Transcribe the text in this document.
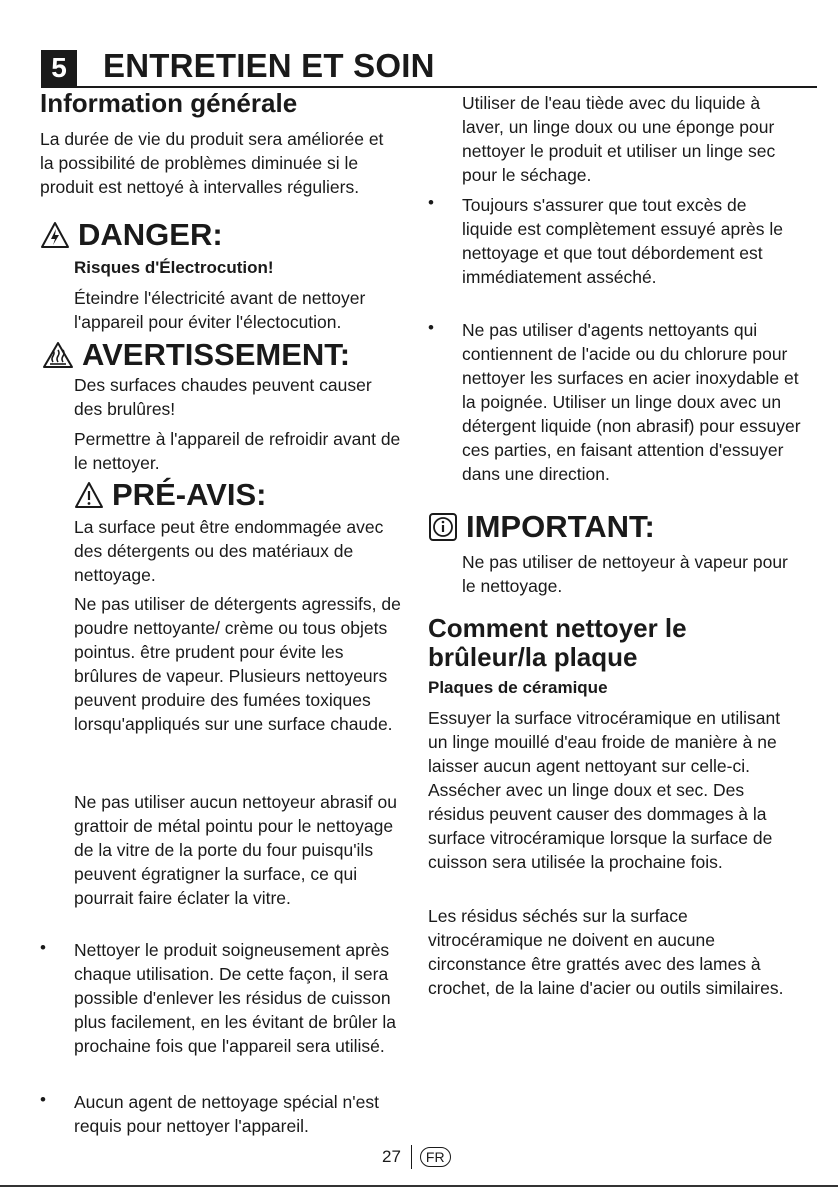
5	ENTRETIEN ET SOIN
Information générale

La durée de vie du produit sera améliorée et la possibilité de problèmes diminuée si le produit est nettoyé à intervalles réguliers.

DANGER:

Risques d'Électrocution!

Éteindre l'électricité avant de nettoyer l'appareil pour éviter l'électocution.

AVERTISSEMENT:

Des surfaces chaudes peuvent causer des brulûres!

Permettre à l'appareil de refroidir avant de le nettoyer.

PRÉ-AVIS:

La surface peut être endommagée avec des détergents ou des matériaux de nettoyage.

Ne pas utiliser de détergents agressifs, de poudre nettoyante/ crème ou tous objets pointus. être prudent pour évite les brûlures de vapeur. Plusieurs nettoyeurs peuvent produire des fumées toxiques lorsqu'appliqués sur une surface chaude.

Ne pas utiliser aucun nettoyeur abrasif ou grattoir de métal pointu pour le nettoyage de la vitre de la porte du four puisqu'ils peuvent égratigner la surface, ce qui pourrait faire éclater la vitre.

•

Nettoyer le produit soigneusement après chaque utilisation. De cette façon, il sera possible d'enlever les résidus de cuisson plus facilement, en les évitant de brûler la prochaine fois que l'appareil sera utilisé.

•

Aucun agent de nettoyage spécial n'est requis pour nettoyer l'appareil.

Utiliser de l'eau tiède avec du liquide à laver, un linge doux ou une éponge pour nettoyer le produit et utiliser un linge sec pour le séchage.

•

Toujours s'assurer que tout excès de liquide est complètement essuyé après le nettoyage et que tout débordement est immédiatement asséché.

•

Ne pas utiliser d'agents nettoyants qui contiennent de l'acide ou du chlorure pour nettoyer les surfaces en acier inoxydable et la poignée. Utiliser un linge doux avec un détergent liquide (non abrasif) pour essuyer ces parties, en faisant attention d'essuyer dans une direction.

IMPORTANT:

Ne pas utiliser de nettoyeur à vapeur pour le nettoyage.

Comment nettoyer le brûleur/la plaque

Plaques de céramique

Essuyer la surface vitrocéramique en utilisant un linge mouillé d'eau froide de manière à ne laisser aucun agent nettoyant sur celle-ci. Assécher avec un linge doux et sec. Des résidus peuvent causer des dommages à la surface vitrocéramique lorsque la surface de cuisson sera utilisée la prochaine fois.

Les résidus séchés sur la surface vitrocéramique ne doivent en aucune circonstance être grattés avec des lames à crochet, de la laine d'acier ou outils similaires.

27	FR
